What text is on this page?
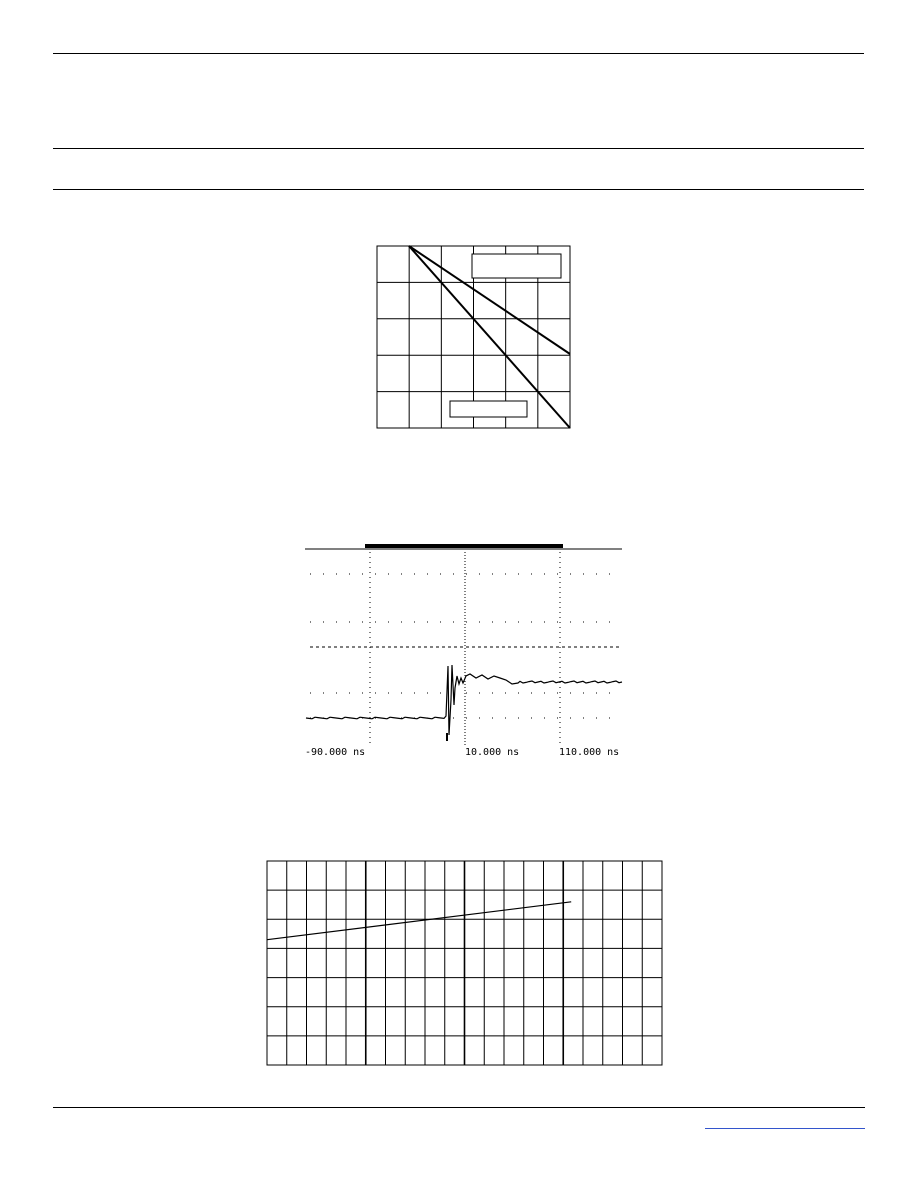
-90.000 ns	10.000 ns	110.000 ns
